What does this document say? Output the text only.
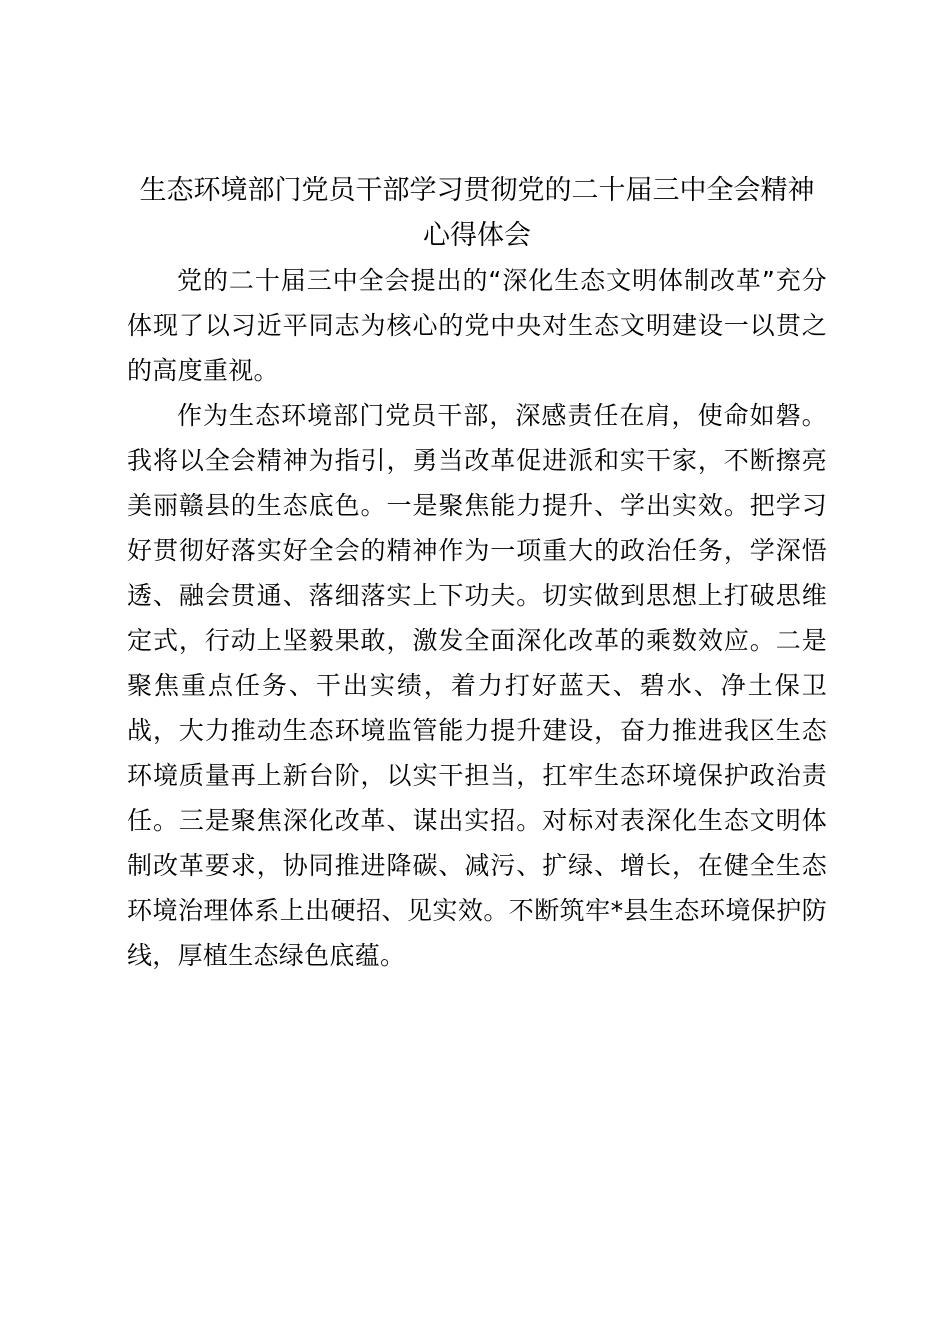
生态环境部门党员干部学习贯彻党的二十届三中全会精神心得体会

党的二十届三中全会提出的“深化生态文明体制改革”充分体现了以习近平同志为核心的党中央对生态文明建设一以贯之的高度重视。

作为生态环境部门党员干部，深感责任在肩，使命如磐。我将以全会精神为指引，勇当改革促进派和实干家，不断擦亮美丽赣县的生态底色。一是聚焦能力提升、学出实效。把学习好贯彻好落实好全会的精神作为一项重大的政治任务，学深悟透、融会贯通、落细落实上下功夫。切实做到思想上打破思维定式，行动上坚毅果敢，激发全面深化改革的乘数效应。二是聚焦重点任务、干出实绩，着力打好蓝天、碧水、净土保卫战，大力推动生态环境监管能力提升建设，奋力推进我区生态环境质量再上新台阶，以实干担当，扛牢生态环境保护政治责任。三是聚焦深化改革、谋出实招。对标对表深化生态文明体制改革要求，协同推进降碳、减污、扩绿、增长，在健全生态环境治理体系上出硬招、见实效。不断筑牢*县生态环境保护防线，厚植生态绿色底蕴。
